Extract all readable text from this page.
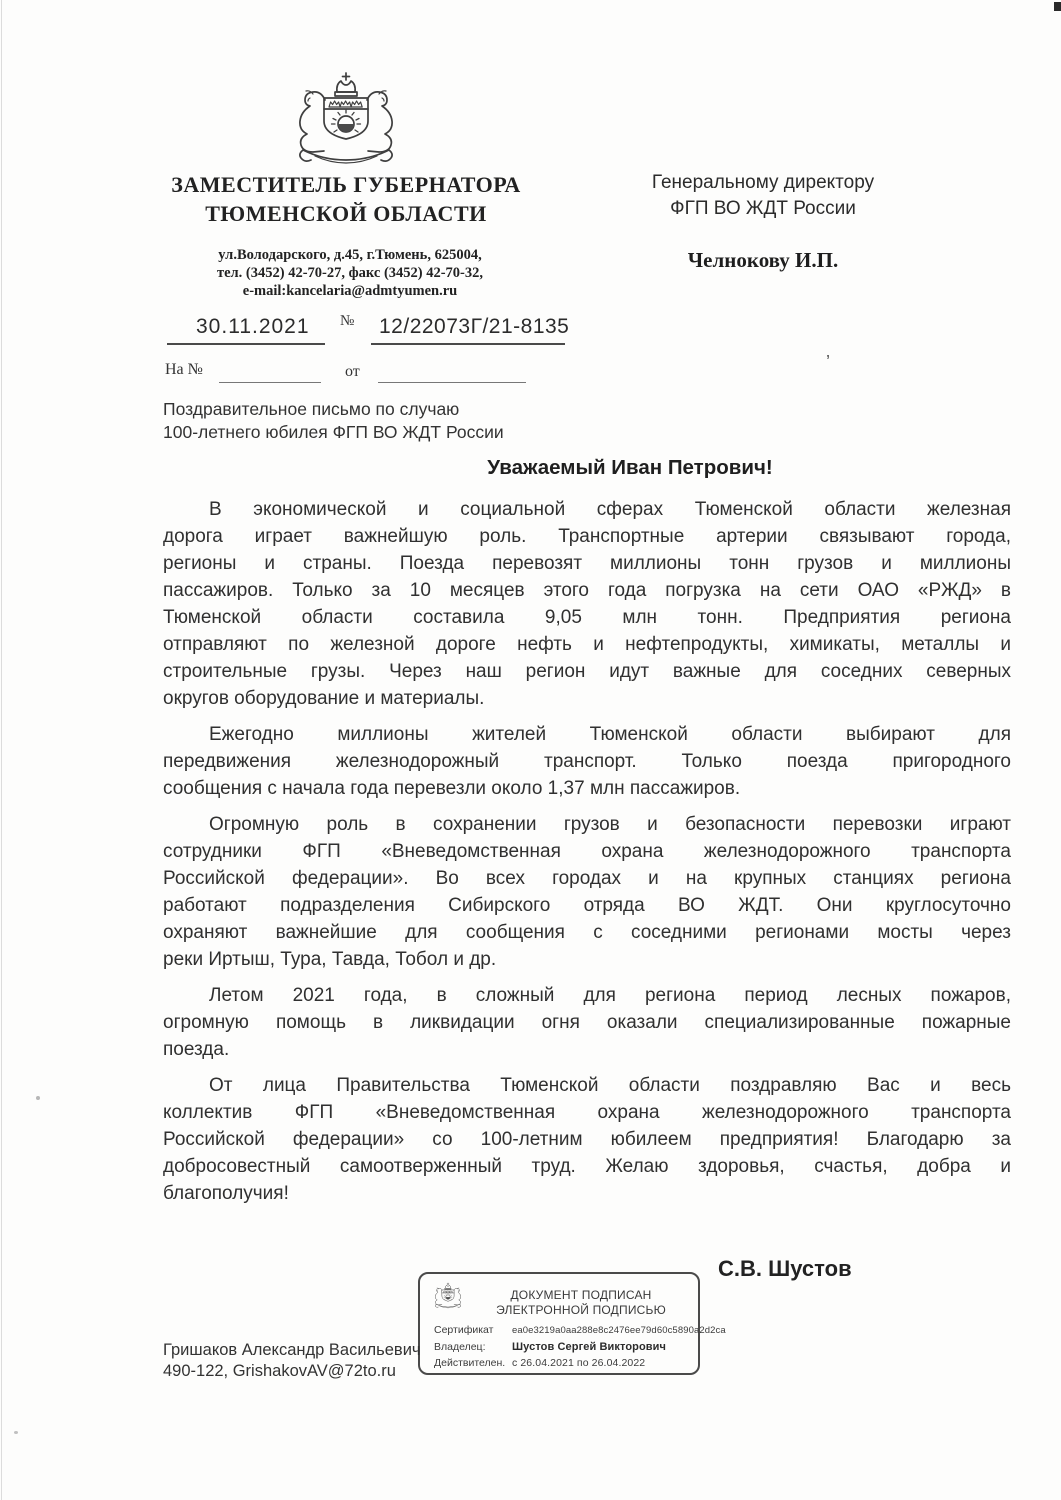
ЗАМЕСТИТЕЛЬ ГУБЕРНАТОРА
ТЮМЕНСКОЙ ОБЛАСТИ
ул.Володарского, д.45, г.Тюмень, 625004,
тел. (3452) 42-70-27, факс (3452) 42-70-32,
e-mail:kancelaria@admtyumen.ru
Генеральному директору
ФГП ВО ЖДТ России
Челнокову И.П.
30.11.2021 № 12/22073Г/21-8135
На №	от
Поздравительное письмо по случаю
100-летнего юбилея ФГП ВО ЖДТ России
Уважаемый Иван Петрович!

В экономической и социальной сферах Тюменской области железная
дорога играет важнейшую роль. Транспортные артерии связывают города,
регионы и страны. Поезда перевозят миллионы тонн грузов и миллионы
пассажиров. Только за 10 месяцев этого года погрузка на сети ОАО «РЖД» в
Тюменской области составила 9,05 млн тонн. Предприятия региона
отправляют по железной дороге нефть и нефтепродукты, химикаты, металлы и
строительные грузы. Через наш регион идут важные для соседних северных
округов оборудование и материалы.

Ежегодно миллионы жителей Тюменской области выбирают для
передвижения железнодорожный транспорт. Только поезда пригородного
сообщения с начала года перевезли около 1,37 млн пассажиров.

Огромную роль в сохранении грузов и безопасности перевозки играют
сотрудники ФГП «Вневедомственная охрана железнодорожного транспорта
Российской федерации». Во всех городах и на крупных станциях региона
работают подразделения Сибирского отряда ВО ЖДТ. Они круглосуточно
охраняют важнейшие для сообщения с соседними регионами мосты через
реки Иртыш, Тура, Тавда, Тобол и др.

Летом 2021 года, в сложный для региона период лесных пожаров,
огромную помощь в ликвидации огня оказали специализированные пожарные
поезда.

От лица Правительства Тюменской области поздравляю Вас и весь
коллектив ФГП «Вневедомственная охрана железнодорожного транспорта
Российской федерации» со 100-летним юбилеем предприятия! Благодарю за
добросовестный самоотверженный труд. Желаю здоровья, счастья, добра и
благополучия!

С.В. Шустов
ДОКУМЕНТ ПОДПИСАН
ЭЛЕКТРОННОЙ ПОДПИСЬЮ
Сертификат	ea0e3219a0aa288e8c2476ee79d60c5890a2d2ca
Владелец:	Шустов Сергей Викторович
Действителен. с 26.04.2021 по 26.04.2022
Гришаков Александр Васильевич
490-122, GrishakovAV@72to.ru
’
